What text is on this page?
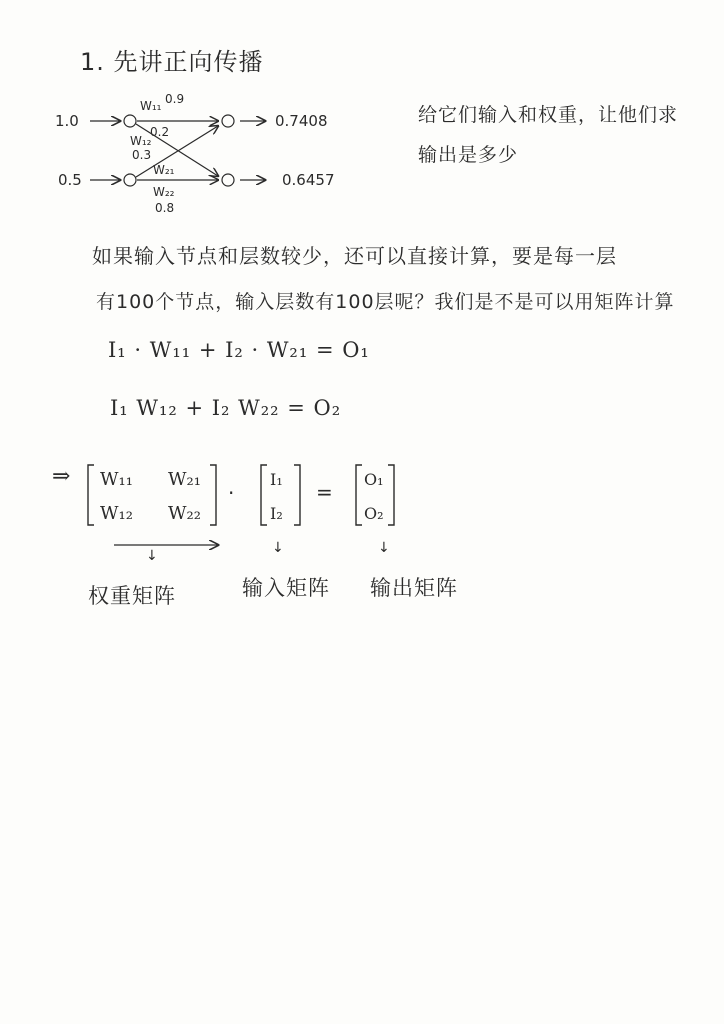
1. 先讲正向传播
1.0
0.5
0.7408
0.6457
W₁₁ 0.9
W₁₂
0.2
0.3
W₂₁
W₂₂
0.8
给它们输入和权重，让他们求
输出是多少
如果输入节点和层数较少，还可以直接计算，要是每一层
有100个节点，输入层数有100层呢？我们是不是可以用矩阵计算
I₁ · W₁₁ + I₂ · W₂₁ = O₁
I₁ W₁₂ + I₂ W₂₂ = O₂
⇒ W₁₁ W₂₁
W₁₂ W₂₂
·
I₁
I₂
=
O₁
O₂
↓	↓	↓
权重矩阵	输入矩阵 输出矩阵
